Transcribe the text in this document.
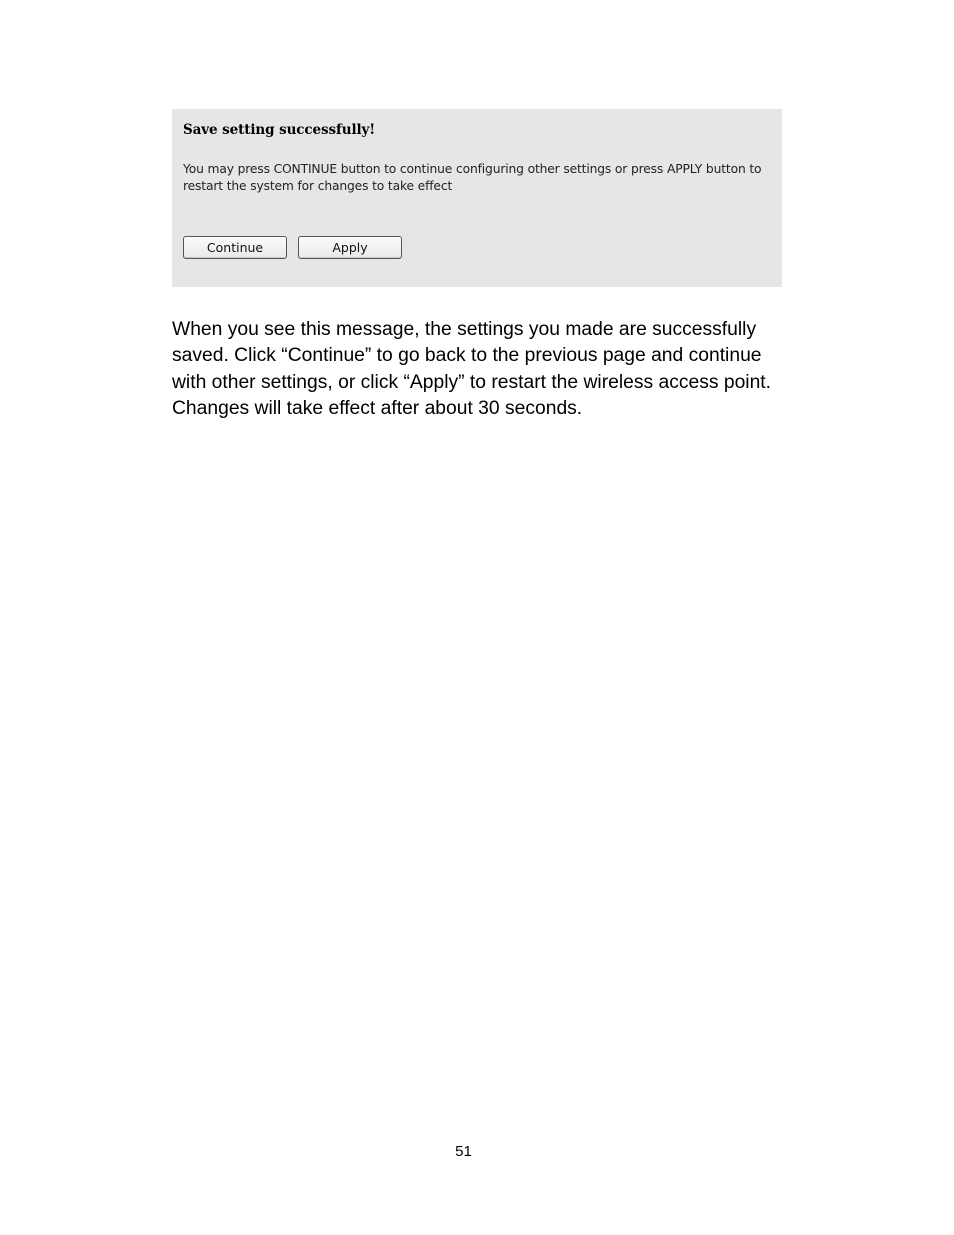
Save setting successfully!
You may press CONTINUE button to continue configuring other settings or press APPLY button to restart the system for changes to take effect
Continue	Apply

When you see this message, the settings you made are successfully saved. Click “Continue” to go back to the previous page and continue with other settings, or click “Apply” to restart the wireless access point. Changes will take effect after about 30 seconds.

51
